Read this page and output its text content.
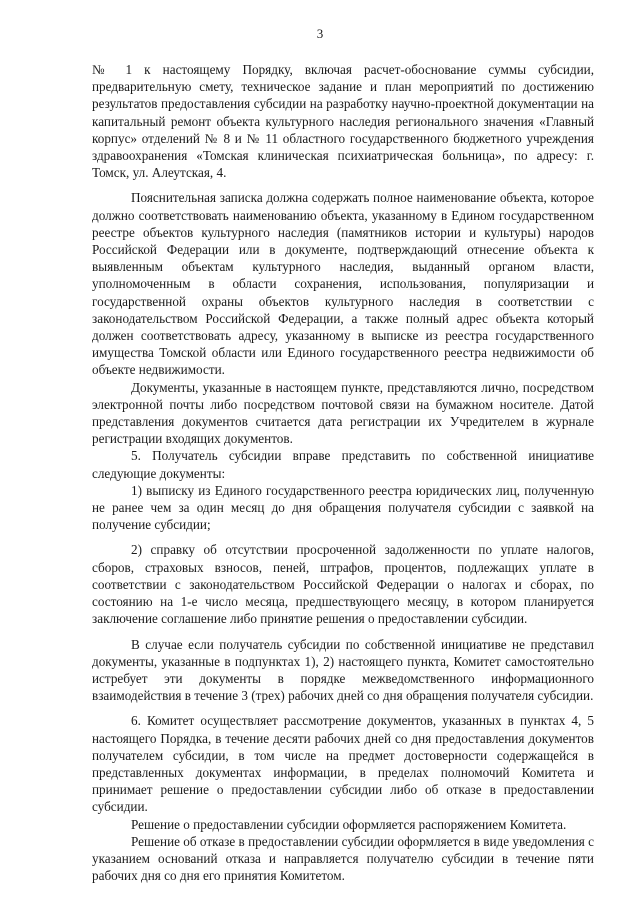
3

№ 1 к настоящему Порядку, включая расчет-обоснование суммы субсидии, предварительную смету, техническое задание и план мероприятий по достижению результатов предоставления субсидии на разработку научно-проектной документации на капитальный ремонт объекта культурного наследия регионального значения «Главный корпус» отделений № 8 и № 11 областного государственного бюджетного учреждения здравоохранения «Томская клиническая психиатрическая больница», по адресу: г. Томск, ул. Алеутская, 4.

Пояснительная записка должна содержать полное наименование объекта, которое должно соответствовать наименованию объекта, указанному в Едином государственном реестре объектов культурного наследия (памятников истории и культуры) народов Российской Федерации или в документе, подтверждающий отнесение объекта к выявленным объектам культурного наследия, выданный органом власти, уполномоченным в области сохранения, использования, популяризации и государственной охраны объектов культурного наследия в соответствии с законодательством Российской Федерации, а также полный адрес объекта который должен соответствовать адресу, указанному в выписке из реестра государственного имущества Томской области или Единого государственного реестра недвижимости об объекте недвижимости.

Документы, указанные в настоящем пункте, представляются лично, посредством электронной почты либо посредством почтовой связи на бумажном носителе. Датой представления документов считается дата регистрации их Учредителем в журнале регистрации входящих документов.

5. Получатель субсидии вправе представить по собственной инициативе следующие документы:

1) выписку из Единого государственного реестра юридических лиц, полученную не ранее чем за один месяц до дня обращения получателя субсидии с заявкой на получение субсидии;

2) справку об отсутствии просроченной задолженности по уплате налогов, сборов, страховых взносов, пеней, штрафов, процентов, подлежащих уплате в соответствии с законодательством Российской Федерации о налогах и сборах, по состоянию на 1-е число месяца, предшествующего месяцу, в котором планируется заключение соглашение либо принятие решения о предоставлении субсидии.

В случае если получатель субсидии по собственной инициативе не представил документы, указанные в подпунктах 1), 2) настоящего пункта, Комитет самостоятельно истребует эти документы в порядке межведомственного информационного взаимодействия в течение 3 (трех) рабочих дней со дня обращения получателя субсидии.

6. Комитет осуществляет рассмотрение документов, указанных в пунктах 4, 5 настоящего Порядка, в течение десяти рабочих дней со дня предоставления документов получателем субсидии, в том числе на предмет достоверности содержащейся в представленных документах информации, в пределах полномочий Комитета и принимает решение о предоставлении субсидии либо об отказе в предоставлении субсидии.

Решение о предоставлении субсидии оформляется распоряжением Комитета.

Решение об отказе в предоставлении субсидии оформляется в виде уведомления с указанием оснований отказа и направляется получателю субсидии в течение пяти рабочих дня со дня его принятия Комитетом.
